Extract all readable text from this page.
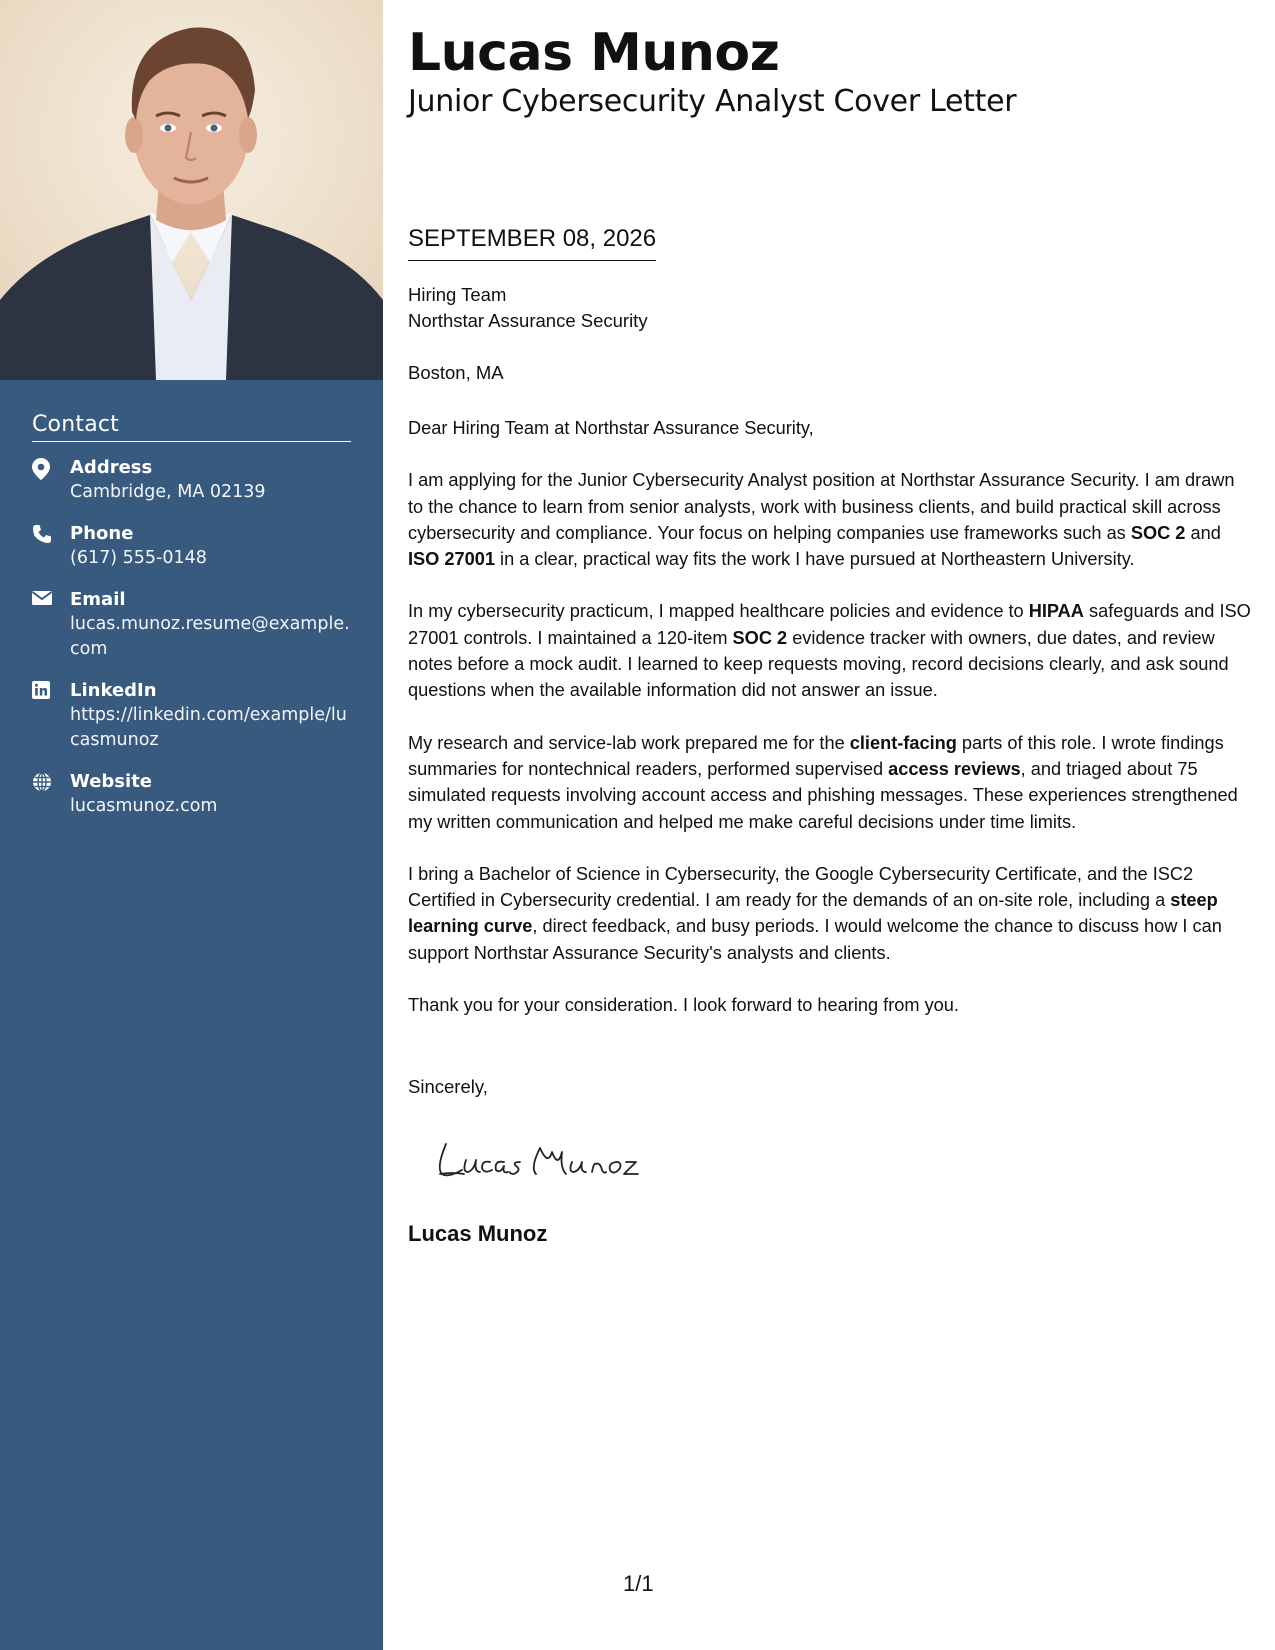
Contact
Address
Cambridge, MA 02139
Phone
(617) 555-0148
Email
lucas.munoz.resume@example.com
LinkedIn
https://linkedin.com/example/lucasmunoz
Website
lucasmunoz.com
Lucas Munoz
Junior Cybersecurity Analyst Cover Letter
SEPTEMBER 08, 2026
Hiring Team
Northstar Assurance Security
Boston, MA

Dear Hiring Team at Northstar Assurance Security,

I am applying for the Junior Cybersecurity Analyst position at Northstar Assurance Security. I am drawn to the chance to learn from senior analysts, work with business clients, and build practical skill across cybersecurity and compliance. Your focus on helping companies use frameworks such as SOC 2 and ISO 27001 in a clear, practical way fits the work I have pursued at Northeastern University.

In my cybersecurity practicum, I mapped healthcare policies and evidence to HIPAA safeguards and ISO 27001 controls. I maintained a 120-item SOC 2 evidence tracker with owners, due dates, and review notes before a mock audit. I learned to keep requests moving, record decisions clearly, and ask sound questions when the available information did not answer an issue.

My research and service-lab work prepared me for the client-facing parts of this role. I wrote findings summaries for nontechnical readers, performed supervised access reviews, and triaged about 75 simulated requests involving account access and phishing messages. These experiences strengthened my written communication and helped me make careful decisions under time limits.

I bring a Bachelor of Science in Cybersecurity, the Google Cybersecurity Certificate, and the ISC2 Certified in Cybersecurity credential. I am ready for the demands of an on-site role, including a steep learning curve, direct feedback, and busy periods. I would welcome the chance to discuss how I can support Northstar Assurance Security's analysts and clients.

Thank you for your consideration. I look forward to hearing from you.

Sincerely,
Lucas Munoz
1/1
